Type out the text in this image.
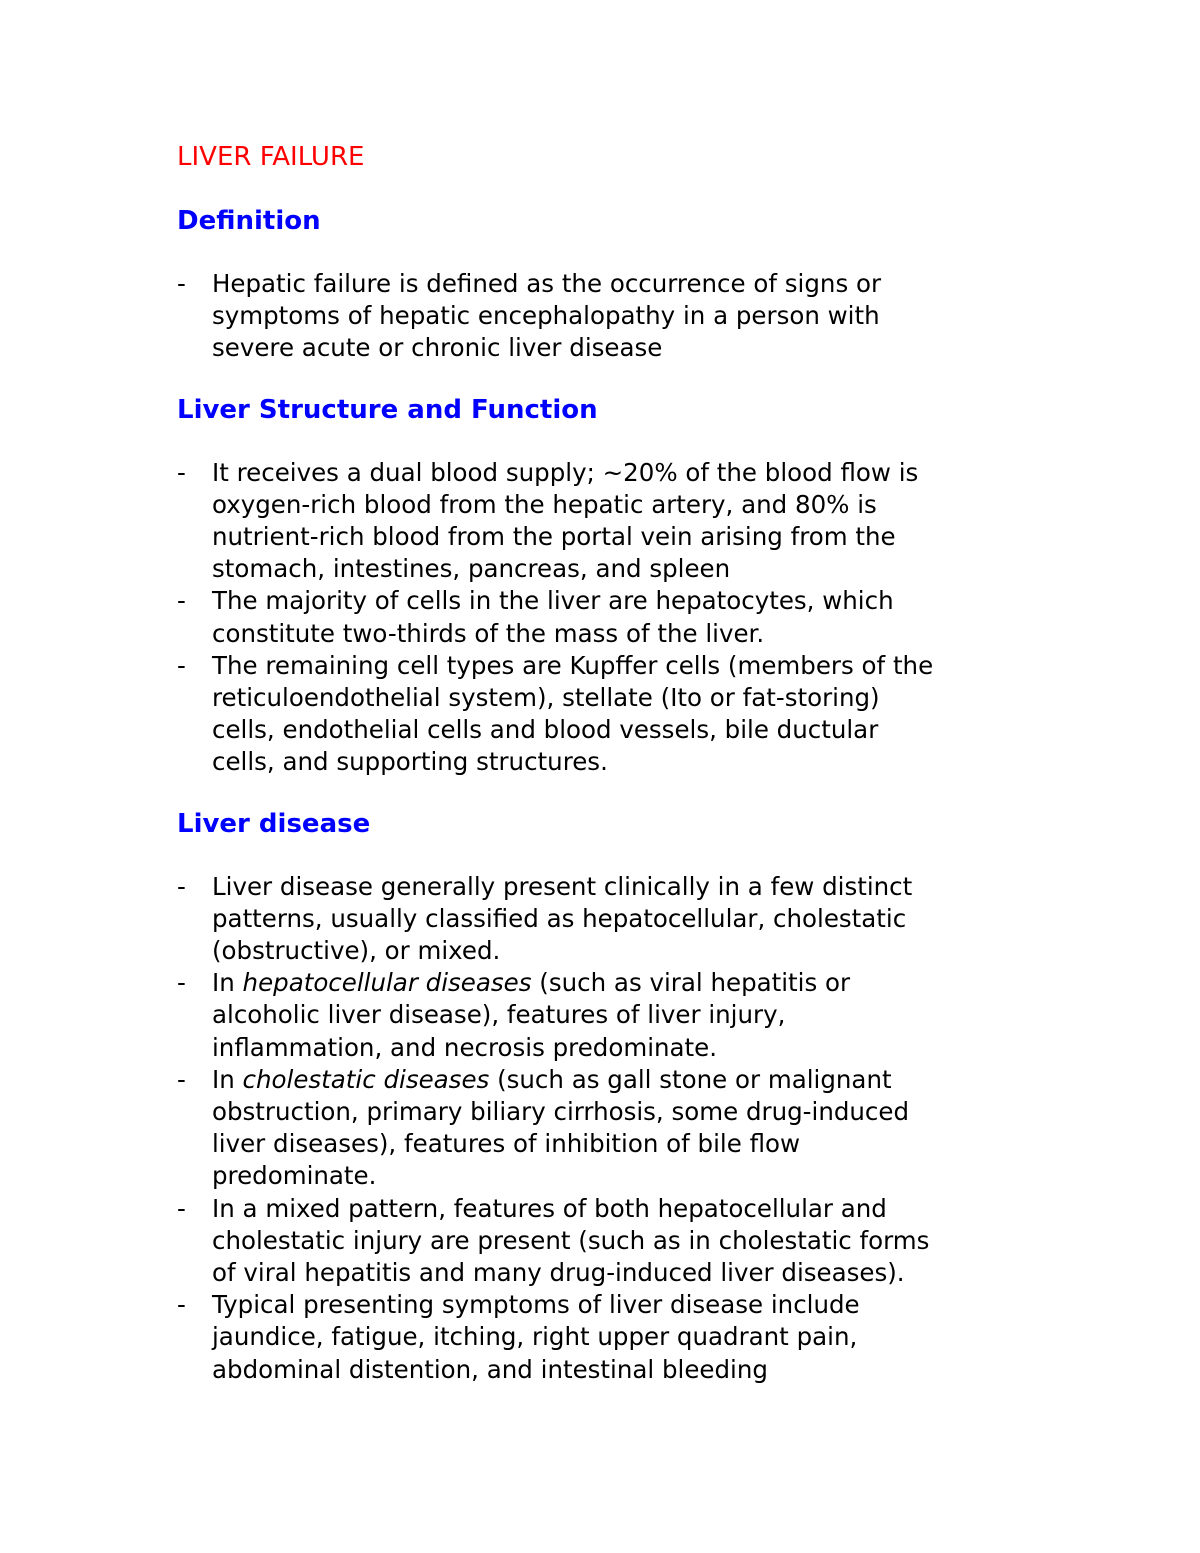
LIVER FAILURE
Definition
- Hepatic failure is defined as the occurrence of signs or
symptoms of hepatic encephalopathy in a person with
severe acute or chronic liver disease
Liver Structure and Function
- It receives a dual blood supply; ~20% of the blood flow is
oxygen-rich blood from the hepatic artery, and 80% is
nutrient-rich blood from the portal vein arising from the
stomach, intestines, pancreas, and spleen
- The majority of cells in the liver are hepatocytes, which
constitute two-thirds of the mass of the liver.
- The remaining cell types are Kupffer cells (members of the
reticuloendothelial system), stellate (Ito or fat-storing)
cells, endothelial cells and blood vessels, bile ductular
cells, and supporting structures.
Liver disease
- Liver disease generally present clinically in a few distinct
patterns, usually classified as hepatocellular, cholestatic
(obstructive), or mixed.
- In hepatocellular diseases (such as viral hepatitis or
alcoholic liver disease), features of liver injury,
inflammation, and necrosis predominate.
- In cholestatic diseases (such as gall stone or malignant
obstruction, primary biliary cirrhosis, some drug-induced
liver diseases), features of inhibition of bile flow
predominate.
- In a mixed pattern, features of both hepatocellular and
cholestatic injury are present (such as in cholestatic forms
of viral hepatitis and many drug-induced liver diseases).
- Typical presenting symptoms of liver disease include
jaundice, fatigue, itching, right upper quadrant pain,
abdominal distention, and intestinal bleeding
